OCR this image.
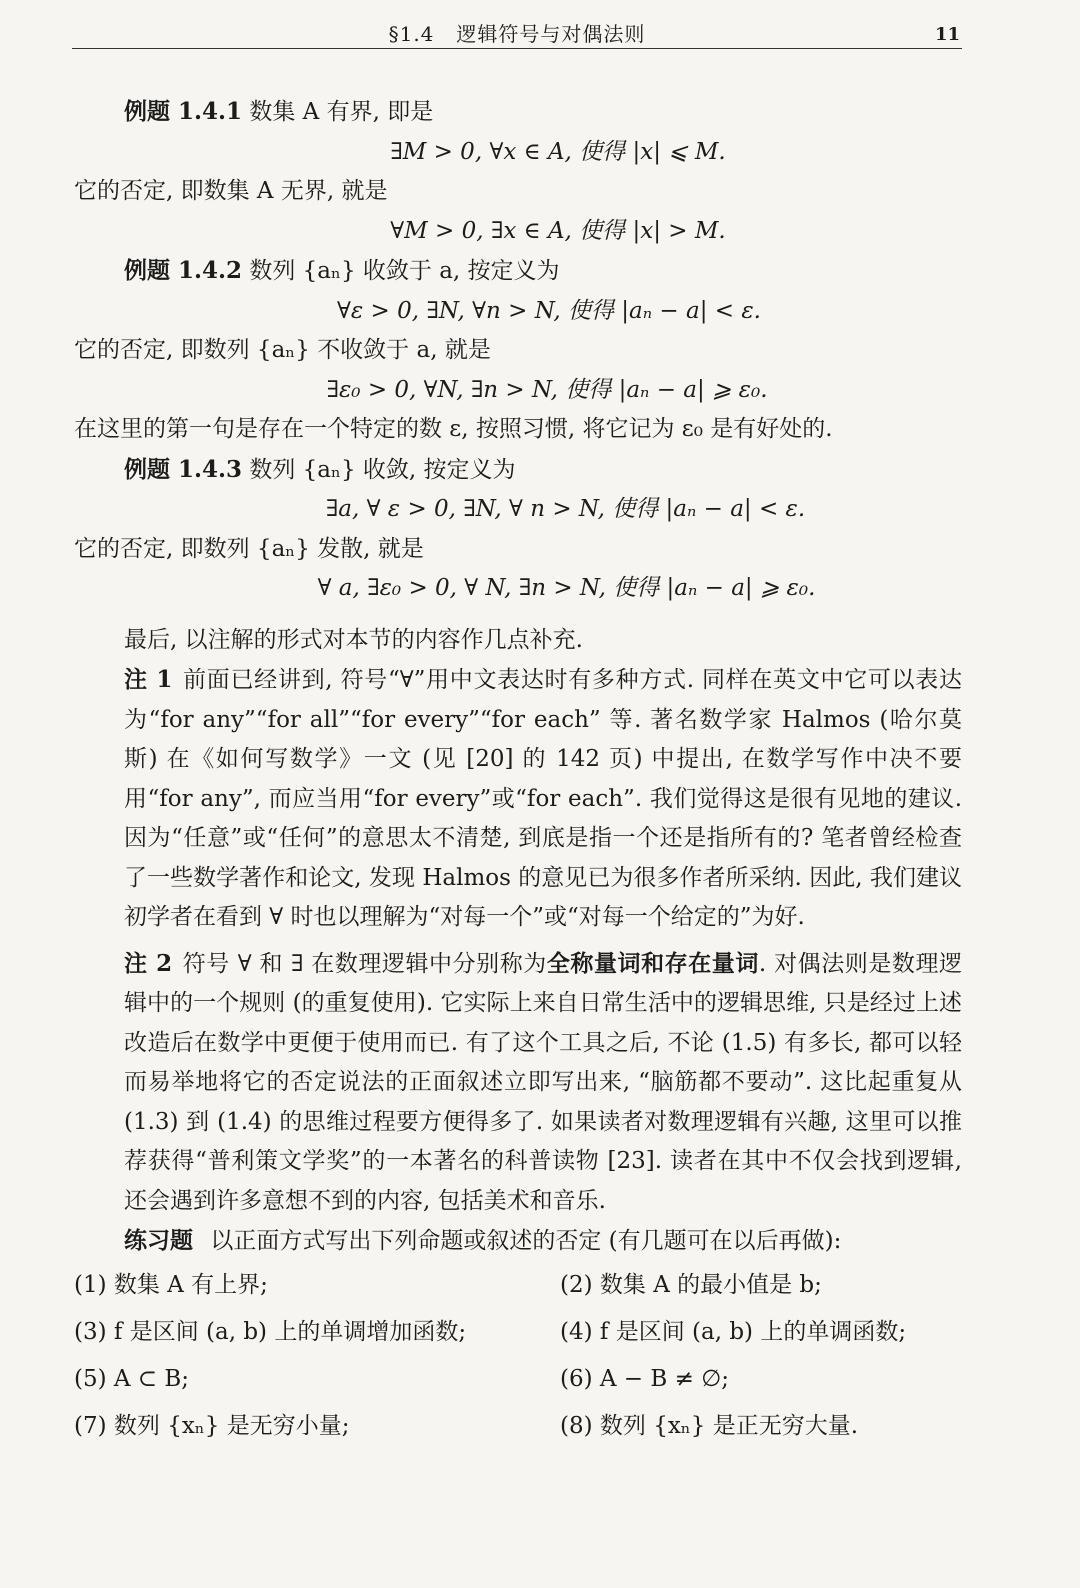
§1.4 逻辑符号与对偶法则	11
例题 1.4.1 数集 A 有界, 即是
∃M > 0, ∀x ∈ A, 使得 |x| ⩽ M.
它的否定, 即数集 A 无界, 就是
∀M > 0, ∃x ∈ A, 使得 |x| > M.
例题 1.4.2 数列 {aₙ} 收敛于 a, 按定义为
∀ε > 0, ∃N, ∀n > N, 使得 |aₙ − a| < ε.
它的否定, 即数列 {aₙ} 不收敛于 a, 就是
∃ε₀ > 0, ∀N, ∃n > N, 使得 |aₙ − a| ⩾ ε₀.
在这里的第一句是存在一个特定的数 ε, 按照习惯, 将它记为 ε₀ 是有好处的.
例题 1.4.3 数列 {aₙ} 收敛, 按定义为
∃a, ∀ ε > 0, ∃N, ∀ n > N, 使得 |aₙ − a| < ε.
它的否定, 即数列 {aₙ} 发散, 就是
∀ a, ∃ε₀ > 0, ∀ N, ∃n > N, 使得 |aₙ − a| ⩾ ε₀.
最后, 以注解的形式对本节的内容作几点补充.
注 1 前面已经讲到, 符号“∀”用中文表达时有多种方式. 同样在英文中它可以表达为“for any”“for all”“for every”“for each” 等. 著名数学家 Halmos (哈尔莫斯) 在《如何写数学》一文 (见 [20] 的 142 页) 中提出, 在数学写作中决不要用“for any”, 而应当用“for every”或“for each”. 我们觉得这是很有见地的建议. 因为“任意”或“任何”的意思太不清楚, 到底是指一个还是指所有的? 笔者曾经检查了一些数学著作和论文, 发现 Halmos 的意见已为很多作者所采纳. 因此, 我们建议初学者在看到 ∀ 时也以理解为“对每一个”或“对每一个给定的”为好.
注 2 符号 ∀ 和 ∃ 在数理逻辑中分别称为全称量词和存在量词. 对偶法则是数理逻辑中的一个规则 (的重复使用). 它实际上来自日常生活中的逻辑思维, 只是经过上述改造后在数学中更便于使用而已. 有了这个工具之后, 不论 (1.5) 有多长, 都可以轻而易举地将它的否定说法的正面叙述立即写出来, “脑筋都不要动”. 这比起重复从 (1.3) 到 (1.4) 的思维过程要方便得多了. 如果读者对数理逻辑有兴趣, 这里可以推荐获得“普利策文学奖”的一本著名的科普读物 [23]. 读者在其中不仅会找到逻辑, 还会遇到许多意想不到的内容, 包括美术和音乐.
练习题 以正面方式写出下列命题或叙述的否定 (有几题可在以后再做):
(1) 数集 A 有上界;	(2) 数集 A 的最小值是 b;
(3) f 是区间 (a, b) 上的单调增加函数;	(4) f 是区间 (a, b) 上的单调函数;
(5) A ⊂ B;	(6) A − B ≠ ∅;
(7) 数列 {xₙ} 是无穷小量;	(8) 数列 {xₙ} 是正无穷大量.
